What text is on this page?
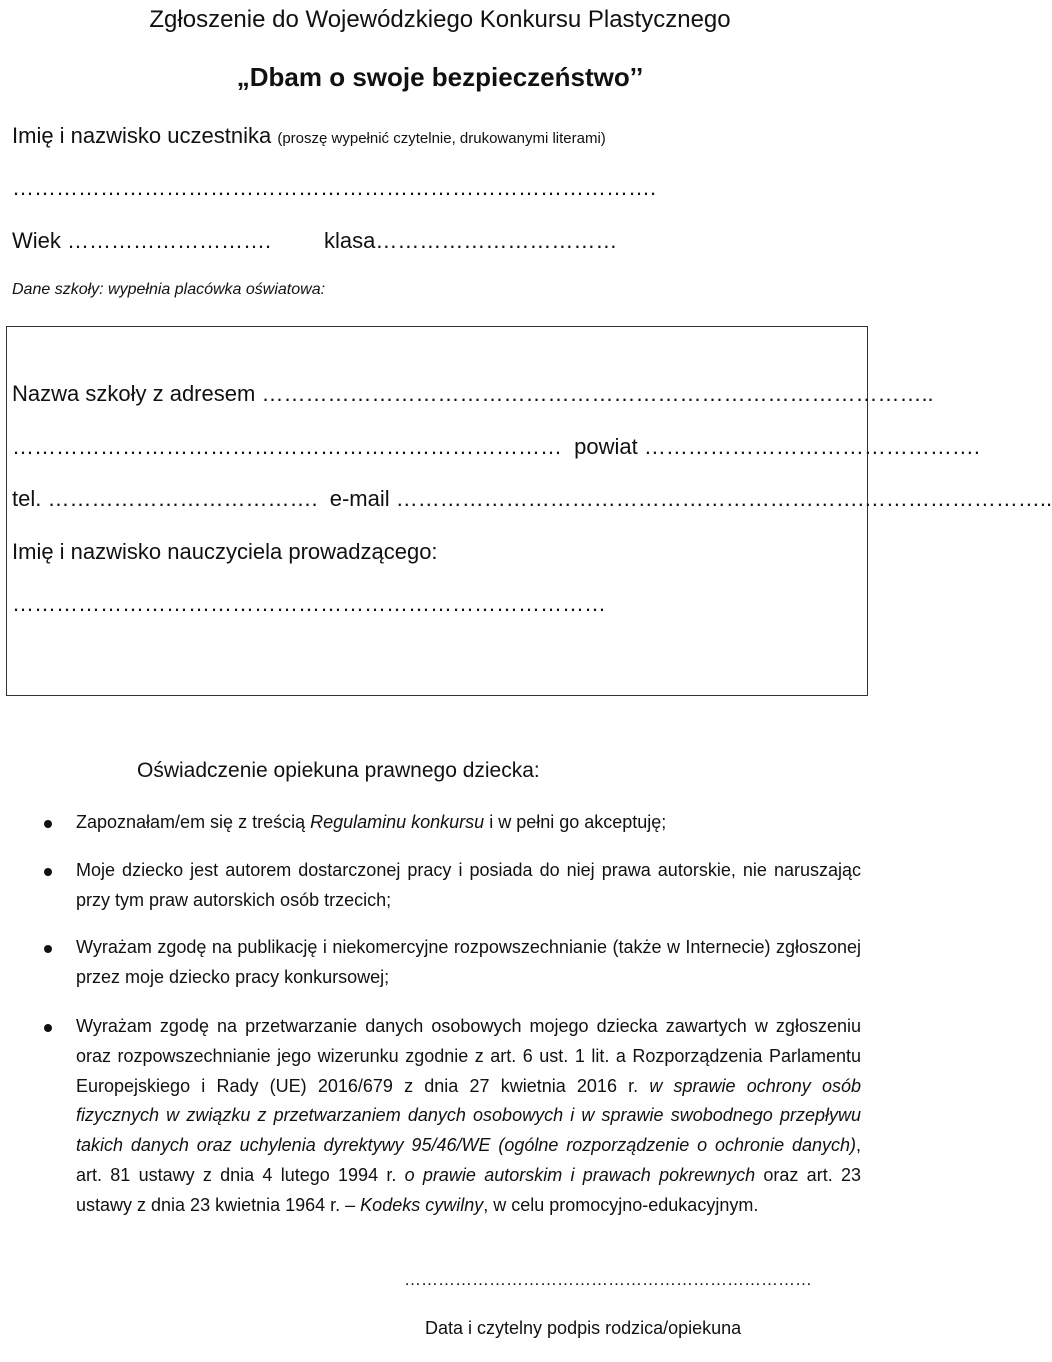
Zgłoszenie do Wojewódzkiego Konkursu Plastycznego
„Dbam o swoje bezpieczeństwo’’
Imię i nazwisko uczestnika (proszę wypełnić czytelnie, drukowanymi literami)
…………………………………………………………………………….
Wiek ………………………. klasa……………………………
Dane szkoły: wypełnia placówka oświatowa:
Nazwa szkoły z adresem ………………………………………………………………………………..
………………………………………………………………… powiat ……………………………………….
tel. ………………………………. e-mail ……………………………………………………….……………………..
Imię i nazwisko nauczyciela prowadzącego:
………………………………………………………………………
Oświadczenie opiekuna prawnego dziecka:
Zapoznałam/em się z treścią Regulaminu konkursu i w pełni go akceptuję;
Moje dziecko jest autorem dostarczonej pracy i posiada do niej prawa autorskie, nie naruszając przy tym praw autorskich osób trzecich;
Wyrażam zgodę na publikację i niekomercyjne rozpowszechnianie (także w Internecie) zgłoszonej przez moje dziecko pracy konkursowej;
Wyrażam zgodę na przetwarzanie danych osobowych mojego dziecka zawartych w zgłoszeniu oraz rozpowszechnianie jego wizerunku zgodnie z art. 6 ust. 1 lit. a Rozporządzenia Parlamentu Europejskiego i Rady (UE) 2016/679 z dnia 27 kwietnia 2016 r. w sprawie ochrony osób fizycznych w związku z przetwarzaniem danych osobowych i w sprawie swobodnego przepływu takich danych oraz uchylenia dyrektywy 95/46/WE (ogólne rozporządzenie o ochronie danych), art. 81 ustawy z dnia 4 lutego 1994 r. o prawie autorskim i prawach pokrewnych oraz art. 23 ustawy z dnia 23 kwietnia 1964 r. – Kodeks cywilny, w celu promocyjno-edukacyjnym.
………………………………………………………………
Data i czytelny podpis rodzica/opiekuna
